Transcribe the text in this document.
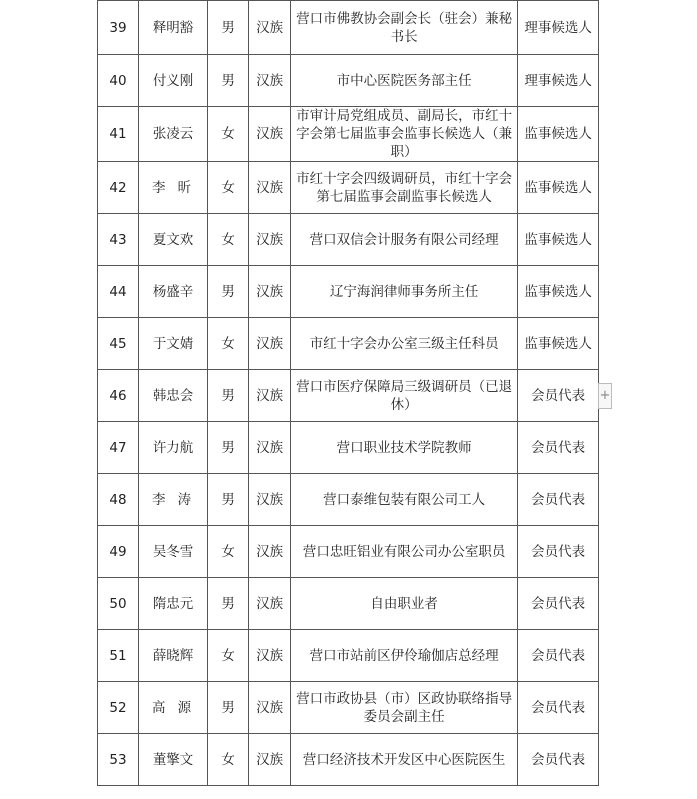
39	释明豁	男	汉族	营口市佛教协会副会长（驻会）兼秘书长	理事候选人
40	付义刚	男	汉族	市中心医院医务部主任	理事候选人
41	张凌云	女	汉族	市审计局党组成员、副局长，市红十字会第七届监事会监事长候选人（兼职）	监事候选人
42	李昕	女	汉族	市红十字会四级调研员，市红十字会第七届监事会副监事长候选人	监事候选人
43	夏文欢	女	汉族	营口双信会计服务有限公司经理	监事候选人
44	杨盛辛	男	汉族	辽宁海润律师事务所主任	监事候选人
45	于文婧	女	汉族	市红十字会办公室三级主任科员	监事候选人
46	韩忠会	男	汉族	营口市医疗保障局三级调研员（已退休）	会员代表
47	许力航	男	汉族	营口职业技术学院教师	会员代表
48	李涛	男	汉族	营口泰维包装有限公司工人	会员代表
49	吴冬雪	女	汉族	营口忠旺铝业有限公司办公室职员	会员代表
50	隋忠元	男	汉族	自由职业者	会员代表
51	薛晓辉	女	汉族	营口市站前区伊伶瑜伽店总经理	会员代表
52	高源	男	汉族	营口市政协县（市）区政协联络指导委员会副主任	会员代表
53	董擎文	女	汉族	营口经济技术开发区中心医院医生	会员代表
+
